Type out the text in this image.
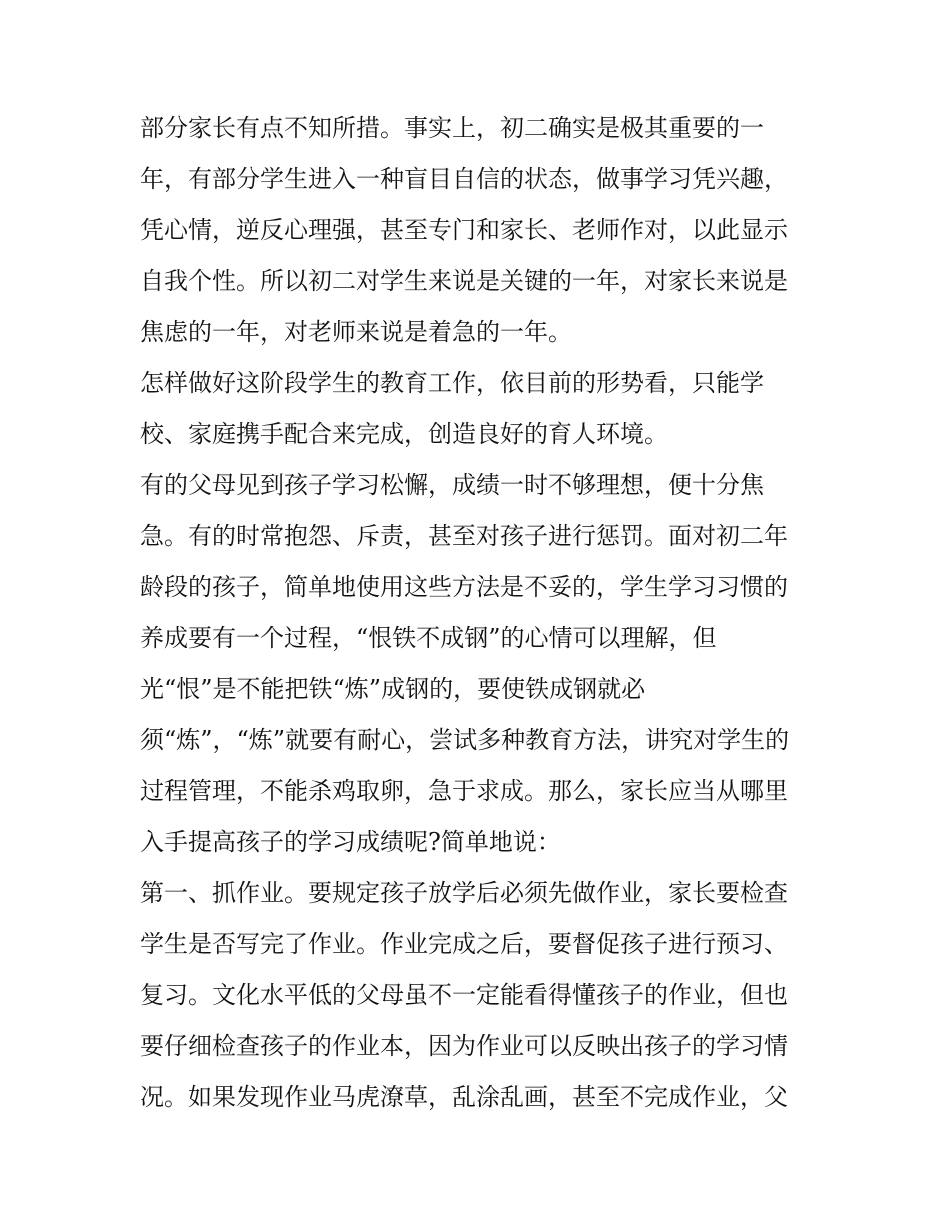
部分家长有点不知所措。事实上，初二确实是极其重要的一
年，有部分学生进入一种盲目自信的状态，做事学习凭兴趣，
凭心情，逆反心理强，甚至专门和家长、老师作对，以此显示
自我个性。所以初二对学生来说是关键的一年，对家长来说是
焦虑的一年，对老师来说是着急的一年。
怎样做好这阶段学生的教育工作，依目前的形势看，只能学
校、家庭携手配合来完成，创造良好的育人环境。
有的父母见到孩子学习松懈，成绩一时不够理想，便十分焦
急。有的时常抱怨、斥责，甚至对孩子进行惩罚。面对初二年
龄段的孩子，简单地使用这些方法是不妥的，学生学习习惯的
养成要有一个过程，“恨铁不成钢”的心情可以理解，但
光“恨”是不能把铁“炼”成钢的，要使铁成钢就必
须“炼”，“炼”就要有耐心，尝试多种教育方法，讲究对学生的
过程管理，不能杀鸡取卵，急于求成。那么，家长应当从哪里
入手提高孩子的学习成绩呢?简单地说：
第一、抓作业。要规定孩子放学后必须先做作业，家长要检查
学生是否写完了作业。作业完成之后，要督促孩子进行预习、
复习。文化水平低的父母虽不一定能看得懂孩子的作业，但也
要仔细检查孩子的作业本，因为作业可以反映出孩子的学习情
况。如果发现作业马虎潦草，乱涂乱画，甚至不完成作业，父
